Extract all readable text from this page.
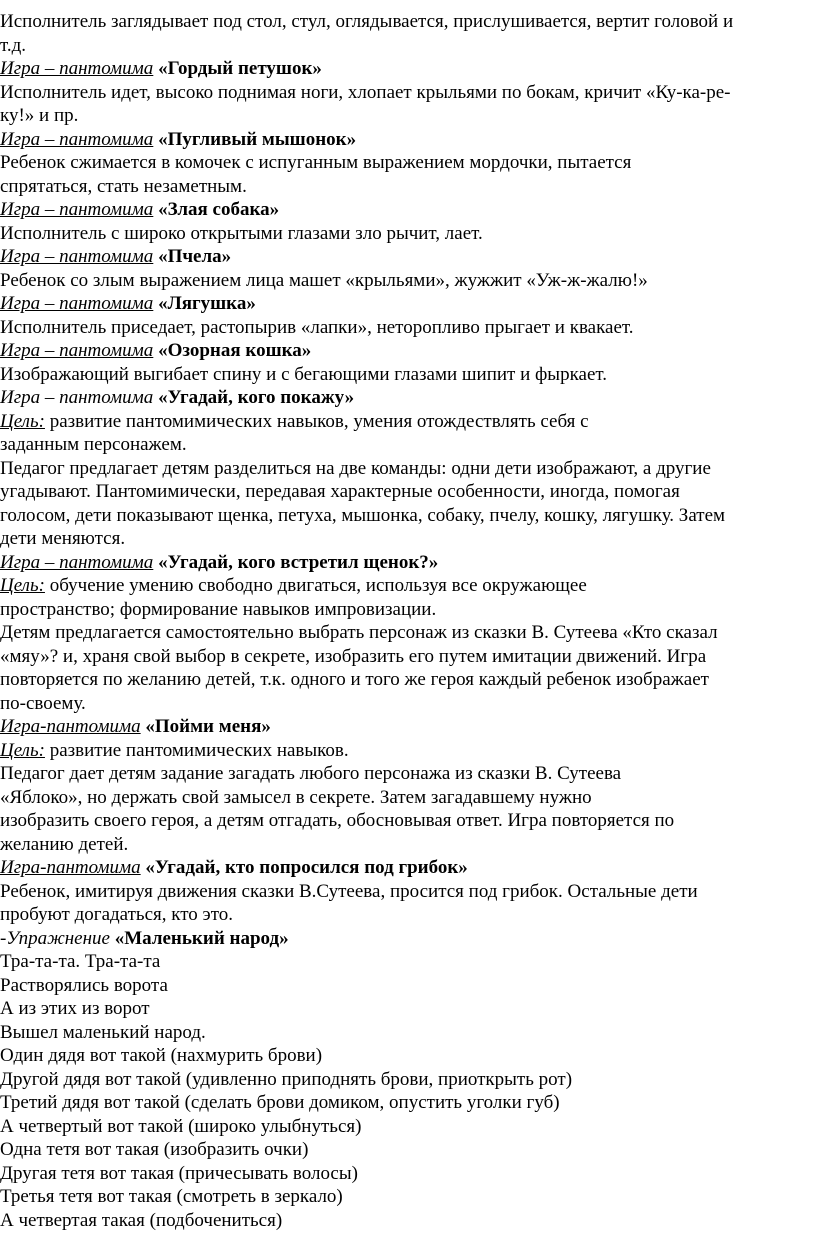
Исполнитель заглядывает под стол, стул, оглядывается, прислушивается, вертит головой и
т.д.
Игра – пантомима «Гордый петушок»
Исполнитель идет, высоко поднимая ноги, хлопает крыльями по бокам, кричит «Ку-ка-ре-
ку!» и пр.
Игра – пантомима «Пугливый мышонок»
Ребенок сжимается в комочек с испуганным выражением мордочки, пытается
спрятаться, стать незаметным.
Игра – пантомима «Злая собака»
Исполнитель с широко открытыми глазами зло рычит, лает.
Игра – пантомима «Пчела»
Ребенок со злым выражением лица машет «крыльями», жужжит «Уж-ж-жалю!»
Игра – пантомима «Лягушка»
Исполнитель приседает, растопырив «лапки», неторопливо прыгает и квакает.
Игра – пантомима «Озорная кошка»
Изображающий выгибает спину и с бегающими глазами шипит и фыркает.
Игра – пантомима «Угадай, кого покажу»
Цель: развитие пантомимических навыков, умения отождествлять себя с
заданным персонажем.
Педагог предлагает детям разделиться на две команды: одни дети изображают, а другие
угадывают. Пантомимически, передавая характерные особенности, иногда, помогая
голосом, дети показывают щенка, петуха, мышонка, собаку, пчелу, кошку, лягушку. Затем
дети меняются.
Игра – пантомима «Угадай, кого встретил щенок?»
Цель: обучение умению свободно двигаться, используя все окружающее
пространство; формирование навыков импровизации.
Детям предлагается самостоятельно выбрать персонаж из сказки В. Сутеева «Кто сказал
«мяу»? и, храня свой выбор в секрете, изобразить его путем имитации движений. Игра
повторяется по желанию детей, т.к. одного и того же героя каждый ребенок изображает
по-своему.
Игра-пантомима «Пойми меня»
Цель: развитие пантомимических навыков.
Педагог дает детям задание загадать любого персонажа из сказки В. Сутеева
«Яблоко», но держать свой замысел в секрете. Затем загадавшему нужно
изобразить своего героя, а детям отгадать, обосновывая ответ. Игра повторяется по
желанию детей.
Игра-пантомима «Угадай, кто попросился под грибок»
Ребенок, имитируя движения сказки В.Сутеева, просится под грибок. Остальные дети
пробуют догадаться, кто это.
-Упражнение «Маленький народ»
Тра-та-та. Тра-та-та
Растворялись ворота
А из этих из ворот
Вышел маленький народ.
Один дядя вот такой (нахмурить брови)
Другой дядя вот такой (удивленно приподнять брови, приоткрыть рот)
Третий дядя вот такой (сделать брови домиком, опустить уголки губ)
А четвертый вот такой (широко улыбнуться)
Одна тетя вот такая (изобразить очки)
Другая тетя вот такая (причесывать волосы)
Третья тетя вот такая (смотреть в зеркало)
А четвертая такая (подбочениться)
